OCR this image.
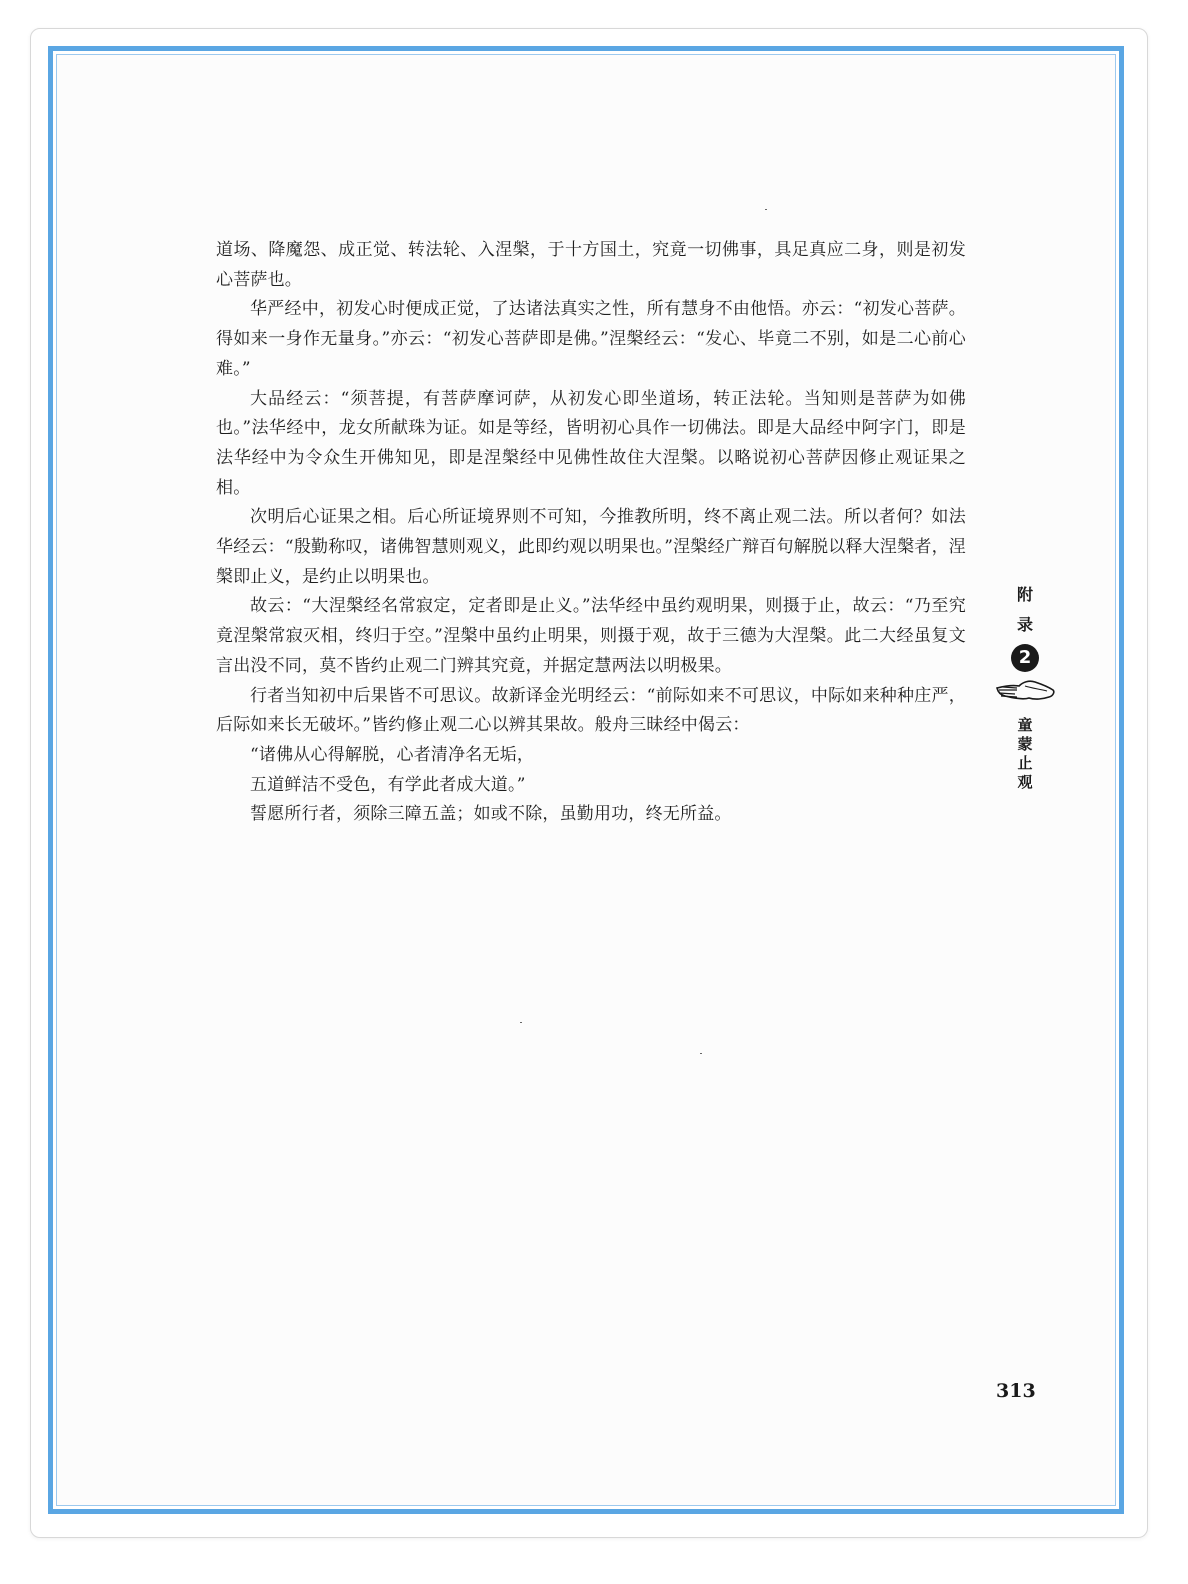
道场、降魔怨、成正觉、转法轮、入涅槃，于十方国土，究竟一切佛事，具足真应二身，则是初发心菩萨也。

华严经中，初发心时便成正觉，了达诸法真实之性，所有慧身不由他悟。亦云：“初发心菩萨。得如来一身作无量身。”亦云：“初发心菩萨即是佛。”涅槃经云：“发心、毕竟二不别，如是二心前心难。”

大品经云：“须菩提，有菩萨摩诃萨，从初发心即坐道场，转正法轮。当知则是菩萨为如佛也。”法华经中，龙女所献珠为证。如是等经，皆明初心具作一切佛法。即是大品经中阿字门，即是法华经中为令众生开佛知见，即是涅槃经中见佛性故住大涅槃。以略说初心菩萨因修止观证果之相。

次明后心证果之相。后心所证境界则不可知，今推教所明，终不离止观二法。所以者何？如法华经云：“殷勤称叹，诸佛智慧则观义，此即约观以明果也。”涅槃经广辩百句解脱以释大涅槃者，涅槃即止义，是约止以明果也。

故云：“大涅槃经名常寂定，定者即是止义。”法华经中虽约观明果，则摄于止，故云：“乃至究竟涅槃常寂灭相，终归于空。”涅槃中虽约止明果，则摄于观，故于三德为大涅槃。此二大经虽复文言出没不同，莫不皆约止观二门辨其究竟，并据定慧两法以明极果。

行者当知初中后果皆不可思议。故新译金光明经云：“前际如来不可思议，中际如来种种庄严，后际如来长无破坏。”皆约修止观二心以辨其果故。般舟三昧经中偈云：

“诸佛从心得解脱，心者清净名无垢，

五道鲜洁不受色，有学此者成大道。”

誓愿所行者，须除三障五盖；如或不除，虽勤用功，终无所益。

附
录
2
童
蒙
止
观
313
